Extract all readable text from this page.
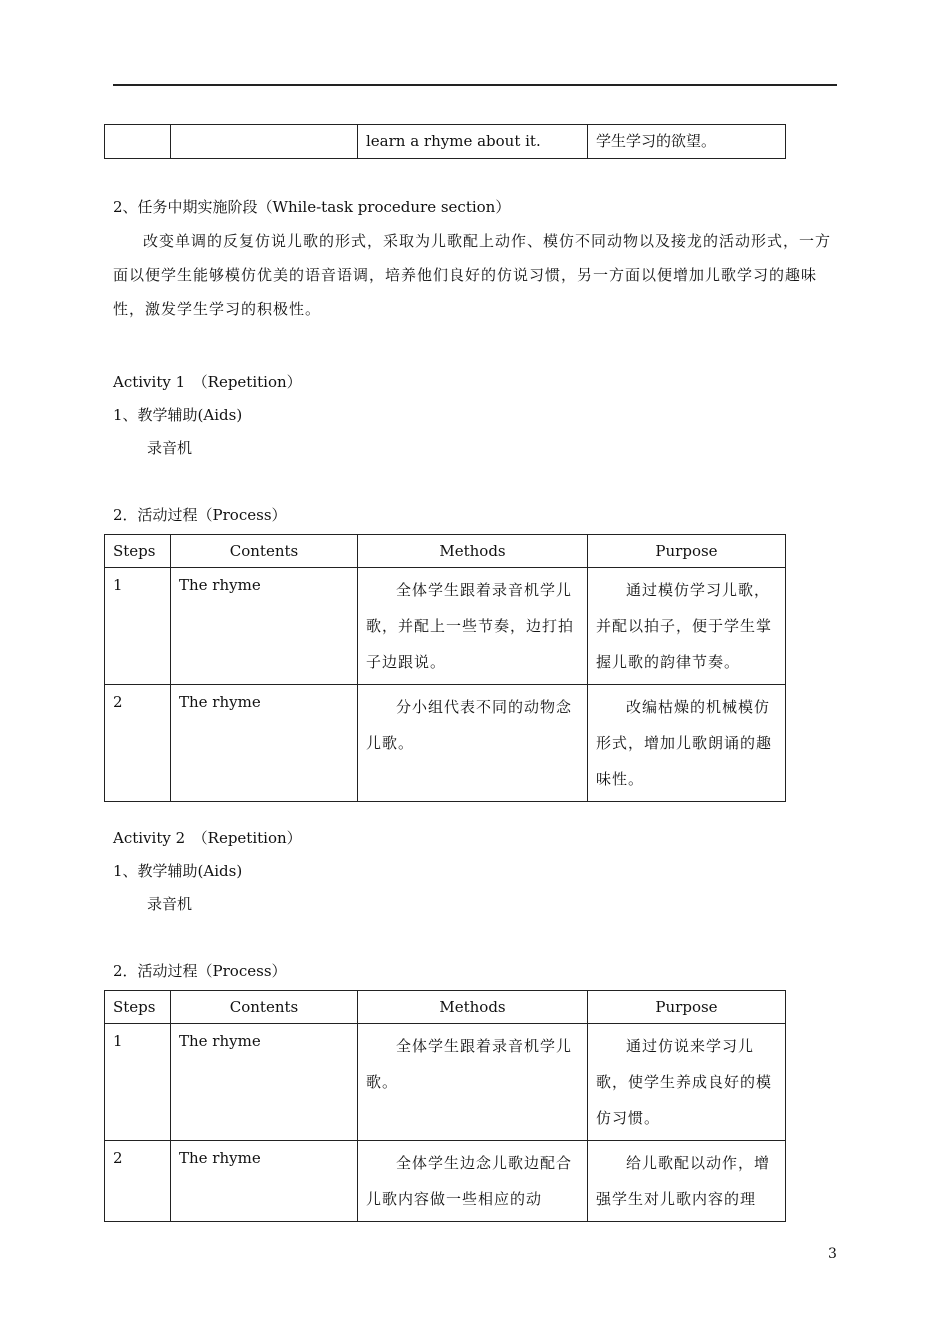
		learn a rhyme about it.	学生学习的欲望。
2、任务中期实施阶段（While-task procedure section）
改变单调的反复仿说儿歌的形式，采取为儿歌配上动作、模仿不同动物以及接龙的活动形式，一方面以便学生能够模仿优美的语音语调，培养他们良好的仿说习惯，另一方面以便增加儿歌学习的趣味性，激发学生学习的积极性。
Activity 1　（Repetition）
1、教学辅助(Aids)
录音机
2．活动过程（Process）
Steps	Contents	Methods	Purpose
1	The rhyme	全体学生跟着录音机学儿歌，并配上一些节奏，边打拍子边跟说。	通过模仿学习儿歌，并配以拍子，便于学生掌握儿歌的韵律节奏。
2	The rhyme	分小组代表不同的动物念儿歌。	改编枯燥的机械模仿形式，增加儿歌朗诵的趣味性。
Activity 2　（Repetition）
1、教学辅助(Aids)
录音机
2．活动过程（Process）
Steps	Contents	Methods	Purpose
1	The rhyme	全体学生跟着录音机学儿歌。	通过仿说来学习儿歌，使学生养成良好的模仿习惯。
2	The rhyme	全体学生边念儿歌边配合儿歌内容做一些相应的动	给儿歌配以动作，增强学生对儿歌内容的理
3
